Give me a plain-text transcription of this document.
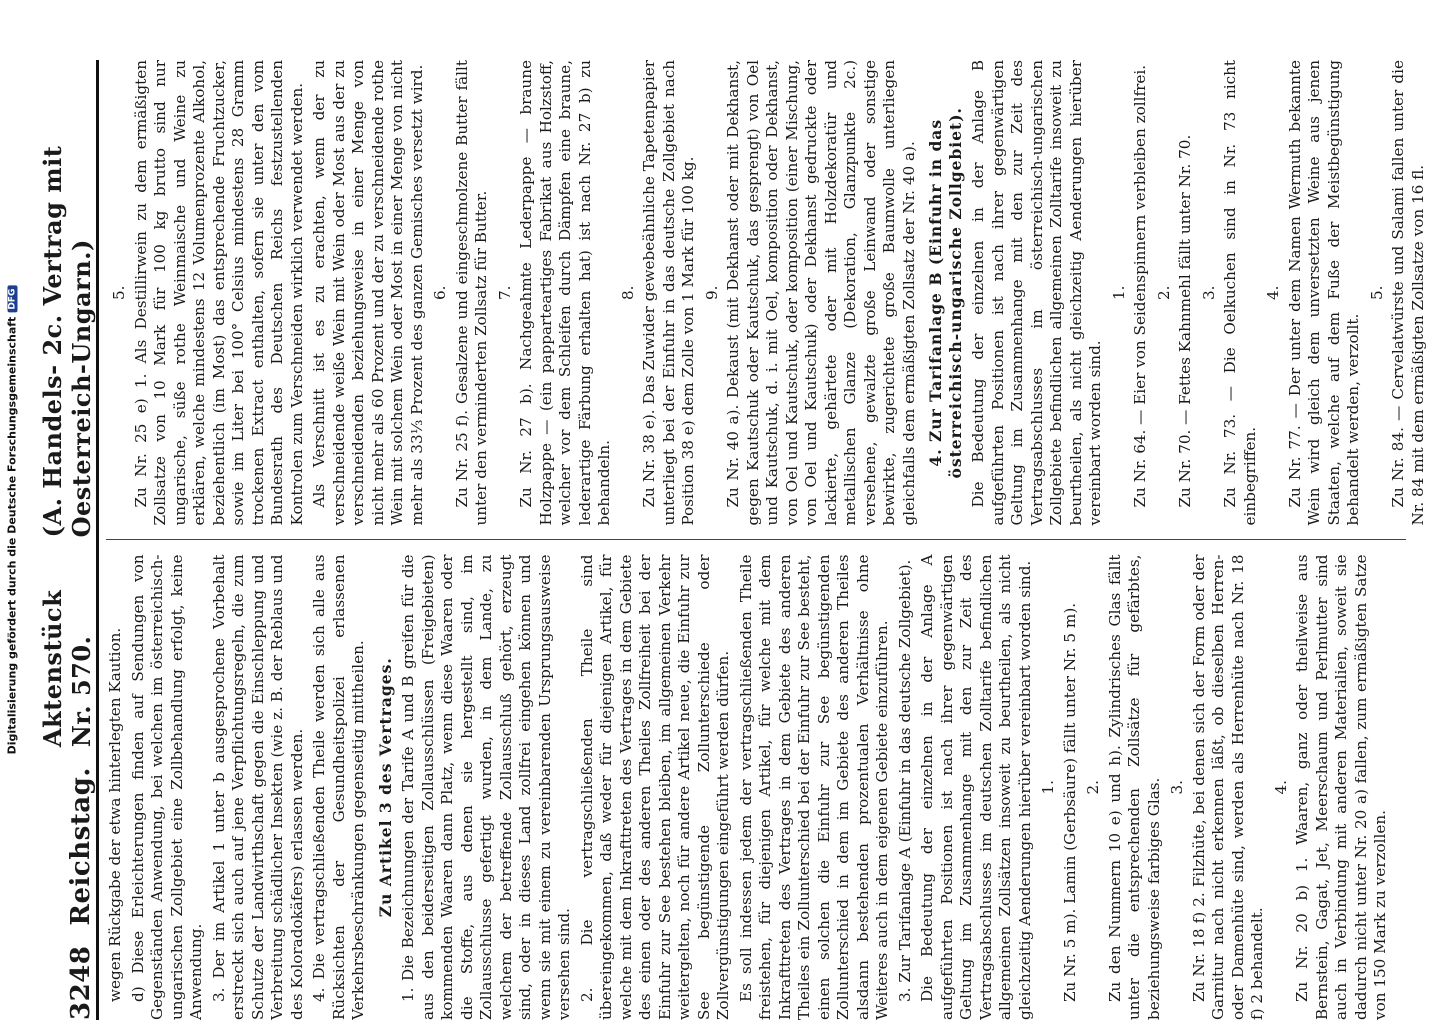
Digitalisierung gefördert durch die Deutsche Forschungsgemeinschaft
DFG
3248
Reichstag.
Aktenstück Nr. 570.
(A. Handels- 2c. Vertrag mit Oesterreich-Ungarn.)

wegen Rückgabe der etwa hinterlegten Kaution. d) Diese Erleichterungen finden auf Sendungen von Gegenständen Anwendung, bei welchen im österreichisch-ungarischen Zollgebiet eine Zollbehandlung erfolgt, keine Anwendung. 3. Der im Artikel 1 unter b ausgesprochene Vorbehalt erstreckt sich auch auf jene Verpflichtungsregeln, die zum Schutze der Landwirthschaft gegen die Einschleppung und Verbreitung schädlicher Insekten (wie z. B. der Reblaus und des Koloradokäfers) erlassen werden. 4. Die vertragschließenden Theile werden sich alle aus Rücksichten der Gesundheitspolizei erlassenen Verkehrsbeschränkungen gegenseitig mittheilen. Zu Artikel 3 des Vertrages. 1. Die Bezeichnungen der Tarife A und B greifen für die aus den beiderseitigen Zollausschlüssen (Freigebieten) kommenden Waaren dann Platz, wenn diese Waaren oder die Stoffe, aus denen sie hergestellt sind, im Zollausschlusse gefertigt wurden, in dem Lande, zu welchem der betreffende Zollausschluß gehört, erzeugt sind, oder in dieses Land zollfrei eingehen können und wenn sie mit einem zu vereinbarenden Ursprungsausweise versehen sind. 2. Die vertragschließenden Theile sind übereingekommen, daß weder für diejenigen Artikel, für welche mit dem Inkrafttreten des Vertrages in dem Gebiete des einen oder des anderen Theiles Zollfreiheit bei der Einfuhr zur See bestehen bleiben, im allgemeinen Verkehr weitergelten, noch für andere Artikel neue, die Einfuhr zur See begünstigende Zollunterschiede oder Zollvergünstigungen eingeführt werden dürfen. Es soll indessen jedem der vertragschließenden Theile freistehen, für diejenigen Artikel, für welche mit dem Inkrafttreten des Vertrages in dem Gebiete des anderen Theiles ein Zollunterschied bei der Einfuhr zur See besteht, einen solchen die Einfuhr zur See begünstigenden Zollunterschied in dem im Gebiete des anderen Theiles alsdann bestehenden prozentualen Verhältnisse ohne Weiteres auch in dem eigenen Gebiete einzuführen. 3. Zur Tarifanlage A (Einfuhr in das deutsche Zollgebiet). Die Bedeutung der einzelnen in der Anlage A aufgeführten Positionen ist nach ihrer gegenwärtigen Geltung im Zusammenhange mit den zur Zeit des Vertragsabschlusses im deutschen Zolltarife befindlichen allgemeinen Zollsätzen insoweit zu beurtheilen, als nicht gleichzeitig Aenderungen hierüber vereinbart worden sind. 1. Zu Nr. 5 m). Lamin (Gerbsäure) fällt unter Nr. 5 m). 2. Zu den Nummern 10 e) und h). Zylindrisches Glas fällt unter die entsprechenden Zollsätze für gefärbtes, beziehungsweise farbiges Glas. 3. Zu Nr. 18 f) 2. Filzhüte, bei denen sich der Form oder der Garnitur nach nicht erkennen läßt, ob dieselben Herren- oder Damenhüte sind, werden als Herrenhüte nach Nr. 18 f) 2 behandelt.

4. Zu Nr. 20 b) 1. Waaren, ganz oder theilweise aus Bernstein, Gagat, Jet, Meerschaum und Perlmutter sind auch in Verbindung mit anderen Materialien, soweit sie dadurch nicht unter Nr. 20 a) fallen, zum ermäßigten Satze von 150 Mark zu verzollen.

5. Zu Nr. 25 e) 1. Als Destillirwein zu dem ermäßigten Zollsatze von 10 Mark für 100 kg brutto sind nur ungarische, süße rothe Weinmaische und Weine zu erklären, welche mindestens 12 Volumenprozente Alkohol, beziehentlich (im Most) das entsprechende Fruchtzucker, sowie im Liter bei 100° Celsius mindestens 28 Gramm trockenen Extract enthalten, sofern sie unter den vom Bundesrath des Deutschen Reichs festzustellenden Kontrolen zum Verschneiden wirklich verwendet werden. Als Verschnitt ist es zu erachten, wenn der zu verschneidende weiße Wein mit Wein oder Most aus der zu verschneidenden beziehungsweise in einer Menge von nicht mehr als 60 Prozent und der zu verschneidende rothe Wein mit solchem Wein oder Most in einer Menge von nicht mehr als 33⅓ Prozent des ganzen Gemisches versetzt wird. 6. Zu Nr. 25 f). Gesalzene und eingeschmolzene Butter fällt unter den verminderten Zollsatz für Butter. 7. Zu Nr. 27 b). Nachgeahmte Lederpappe — braune Holzpappe — (ein papparteartiges Fabrikat aus Holzstoff, welcher vor dem Schleifen durch Dämpfen eine braune, lederartige Färbung erhalten hat) ist nach Nr. 27 b) zu behandeln.

8. Zu Nr. 38 e). Das Zuwider gewebeähnliche Tapetenpapier unterliegt bei der Einfuhr in das deutsche Zollgebiet nach Position 38 e) dem Zolle von 1 Mark für 100 kg. 9. Zu Nr. 40 a). Dekaust (mit Dekhanst oder mit Dekhanst, gegen Kautschuk oder Kautschuk, das gesprengt) von Oel und Kautschuk, d. i. mit Oel, komposition oder Dekhanst, von Oel und Kautschuk, oder komposition (einer Mischung, von Oel und Kautschuk) oder Dekhanst gedruckte oder lackierte, gehärtete oder mit Holzdekoratür und metallischen Glanze (Dekoration, Glanzpunkte 2c.) versehene, gewalzte große Leinwand oder sonstige bewirkte, zugerichtete große Baumwolle unterliegen gleichfalls dem ermäßigten Zollsatz der Nr. 40 a). 4. Zur Tarifanlage B (Einfuhr in das österreichisch-ungarische Zollgebiet). Die Bedeutung der einzelnen in der Anlage B aufgeführten Positionen ist nach ihrer gegenwärtigen Geltung im Zusammenhange mit den zur Zeit des Vertragsabschlusses im österreichisch-ungarischen Zollgebiete befindlichen allgemeinen Zolltarife insoweit zu beurtheilen, als nicht gleichzeitig Aenderungen hierüber vereinbart worden sind.

1. Zu Nr. 64. — Eier von Seidenspinnern verbleiben zollfrei. 2. Zu Nr. 70. — Fettes Kahnmehl fällt unter Nr. 70. 3. Zu Nr. 73. — Die Oelkuchen sind in Nr. 73 nicht einbegriffen.

4. Zu Nr. 77. — Der unter dem Namen Wermuth bekannte Wein wird gleich dem unversetzten Weine aus jenen Staaten, welche auf dem Fuße der Meistbegünstigung behandelt werden, verzollt.

5. Zu Nr. 84. — Cervelatwürste und Salami fallen unter die Nr. 84 mit dem ermäßigten Zollsatze von 16 fl.
